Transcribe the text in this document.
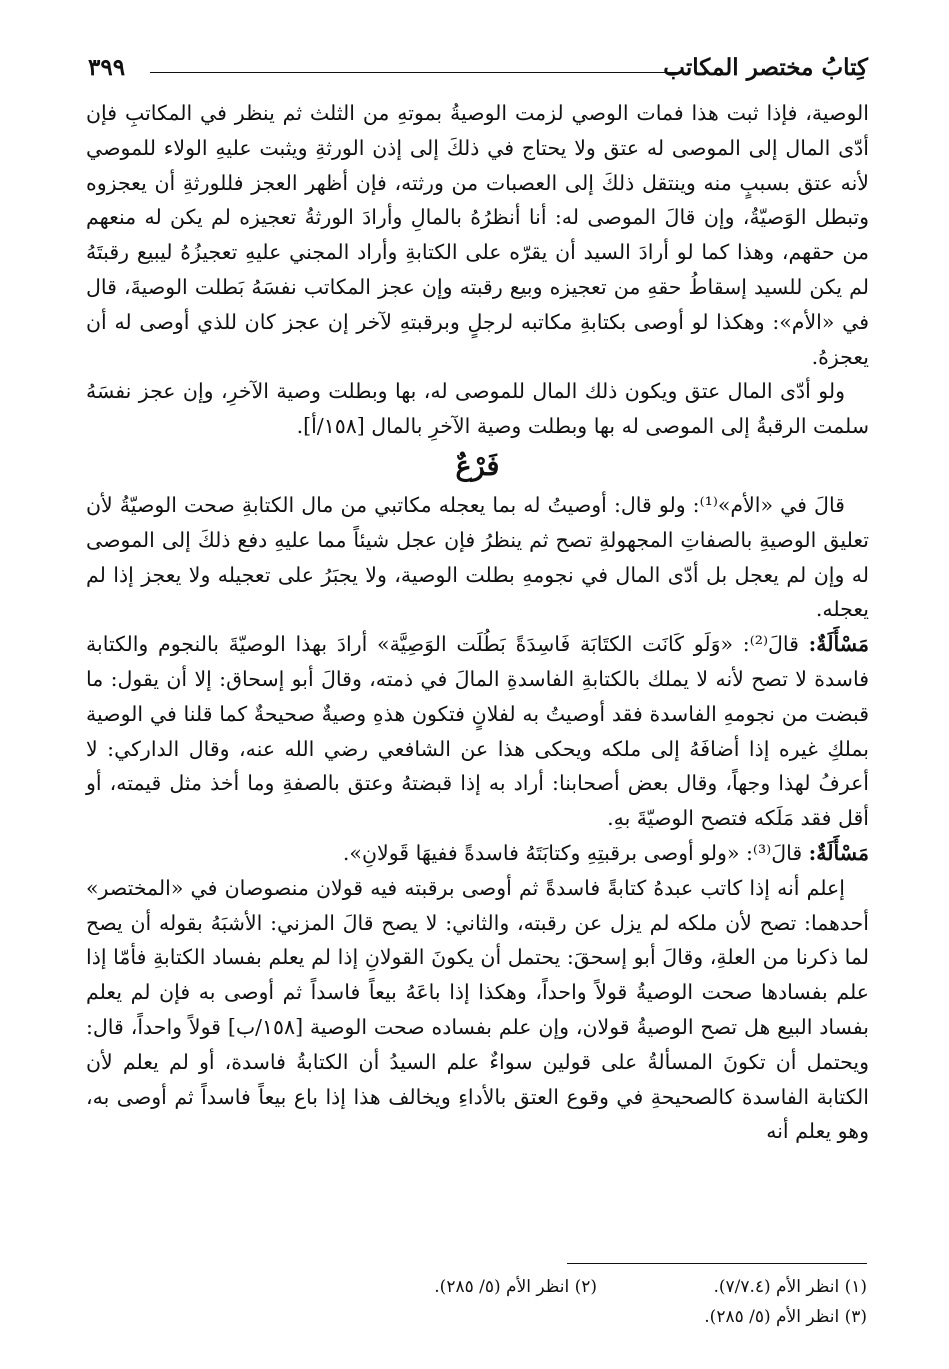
كِتابُ مختصر المكاتب
٣٩٩

الوصية، فإذا ثبت هذا فمات الوصي لزمت الوصيةُ بموتهِ من الثلث ثم ينظر في المكاتبِ فإن أدّى المال إلى الموصى له عتق ولا يحتاج في ذلكَ إلى إذن الورثةِ ويثبت عليهِ الولاء للموصي لأنه عتق بسببٍ منه وينتقل ذلكَ إلى العصبات من ورثته، فإن أظهر العجز فللورثةِ أن يعجزوه وتبطل الوَصيّةُ، وإن قالَ الموصى له: أنا أنظرُهُ بالمالِ وأرادَ الورثةُ تعجيزه لم يكن له منعهم من حقهم، وهذا كما لو أرادَ السيد أن يقرّه على الكتابةِ وأراد المجني عليهِ تعجيزُهُ ليبيع رقبتَهُ لم يكن للسيد إسقاطُ حقهِ من تعجيزه وبيع رقبته وإن عجز المكاتب نفسَهُ بَطلت الوصيةَ، قال في «الأم»: وهكذا لو أوصى بكتابةِ مكاتبه لرجلٍ وبرقبتهِ لآخر إن عجز كان للذي أوصى له أن يعجزهُ.

ولو أدّى المال عتق ويكون ذلك المال للموصى له، بها وبطلت وصية الآخرِ، وإن عجز نفسَهُ سلمت الرقبةُ إلى الموصى له بها وبطلت وصية الآخرِ بالمال [١٥٨/أ].

فَرْعٌ

قالَ في «الأم»⁽¹⁾: ولو قال: أوصيتُ له بما يعجله مكاتبي من مال الكتابةِ صحت الوصيّةُ لأن تعليق الوصيةِ بالصفاتِ المجهولةِ تصح ثم ينظرُ فإن عجل شيئاً مما عليهِ دفع ذلكَ إلى الموصى له وإن لم يعجل بل أدّى المال في نجومهِ بطلت الوصية، ولا يجبَرُ على تعجيله ولا يعجز إذا لم يعجله.

مَسْأَلَةٌ: قالَ⁽²⁾: «وَلَو كَانَت الكتَابَة فَاسِدَةً بَطُلَت الوَصِيَّة» أرادَ بهذا الوصيّةَ بالنجوم والكتابة فاسدة لا تصح لأنه لا يملك بالكتابةِ الفاسدةِ المالَ في ذمته، وقالَ أبو إسحاق: إلا أن يقول: ما قبضت من نجومهِ الفاسدة فقد أوصيتُ به لفلانٍ فتكون هذهِ وصيةٌ صحيحةٌ كما قلنا في الوصية بملكِ غيره إذا أضافَهُ إلى ملكه ويحكى هذا عن الشافعي رضي الله عنه، وقال الداركي: لا أعرفُ لهذا وجهاً، وقال بعض أصحابنا: أراد به إذا قبضتهُ وعتق بالصفةِ وما أخذ مثل قيمته، أو أقل فقد مَلَكه فتصح الوصيّةَ بهِ.

مَسْأَلَةٌ: قالَ⁽³⁾: «ولو أوصى برقبتِهِ وكتابَتَهُ فاسدةً ففيهَا قَولانِ».

إعلم أنه إذا كاتب عبدهُ كتابةً فاسدةً ثم أوصى برقبته فيه قولان منصوصان في «المختصر» أحدهما: تصح لأن ملكه لم يزل عن رقبته، والثاني: لا يصح قالَ المزني: الأشبَهُ بقوله أن يصح لما ذكرنا من العلةِ، وقالَ أبو إسحقَ: يحتمل أن يكونَ القولانِ إذا لم يعلم بفساد الكتابةِ فأمّا إذا علم بفسادها صحت الوصيةُ قولاً واحداً، وهكذا إذا باعَهُ بيعاً فاسداً ثم أوصى به فإن لم يعلم بفساد البيع هل تصح الوصيةُ قولان، وإن علم بفساده صحت الوصية [١٥٨/ب] قولاً واحداً، قال: ويحتمل أن تكونَ المسألةُ على قولين سواءٌ علم السيدُ أن الكتابةُ فاسدة، أو لم يعلم لأن الكتابة الفاسدة كالصحيحةِ في وقوع العتق بالأداءِ ويخالف هذا إذا باع بيعاً فاسداً ثم أوصى به، وهو يعلم أنه

(١) انظر الأم (٧/٧.٤).
(٢) انظر الأم (٥/ ٢٨٥).
(٣) انظر الأم (٥/ ٢٨٥).
